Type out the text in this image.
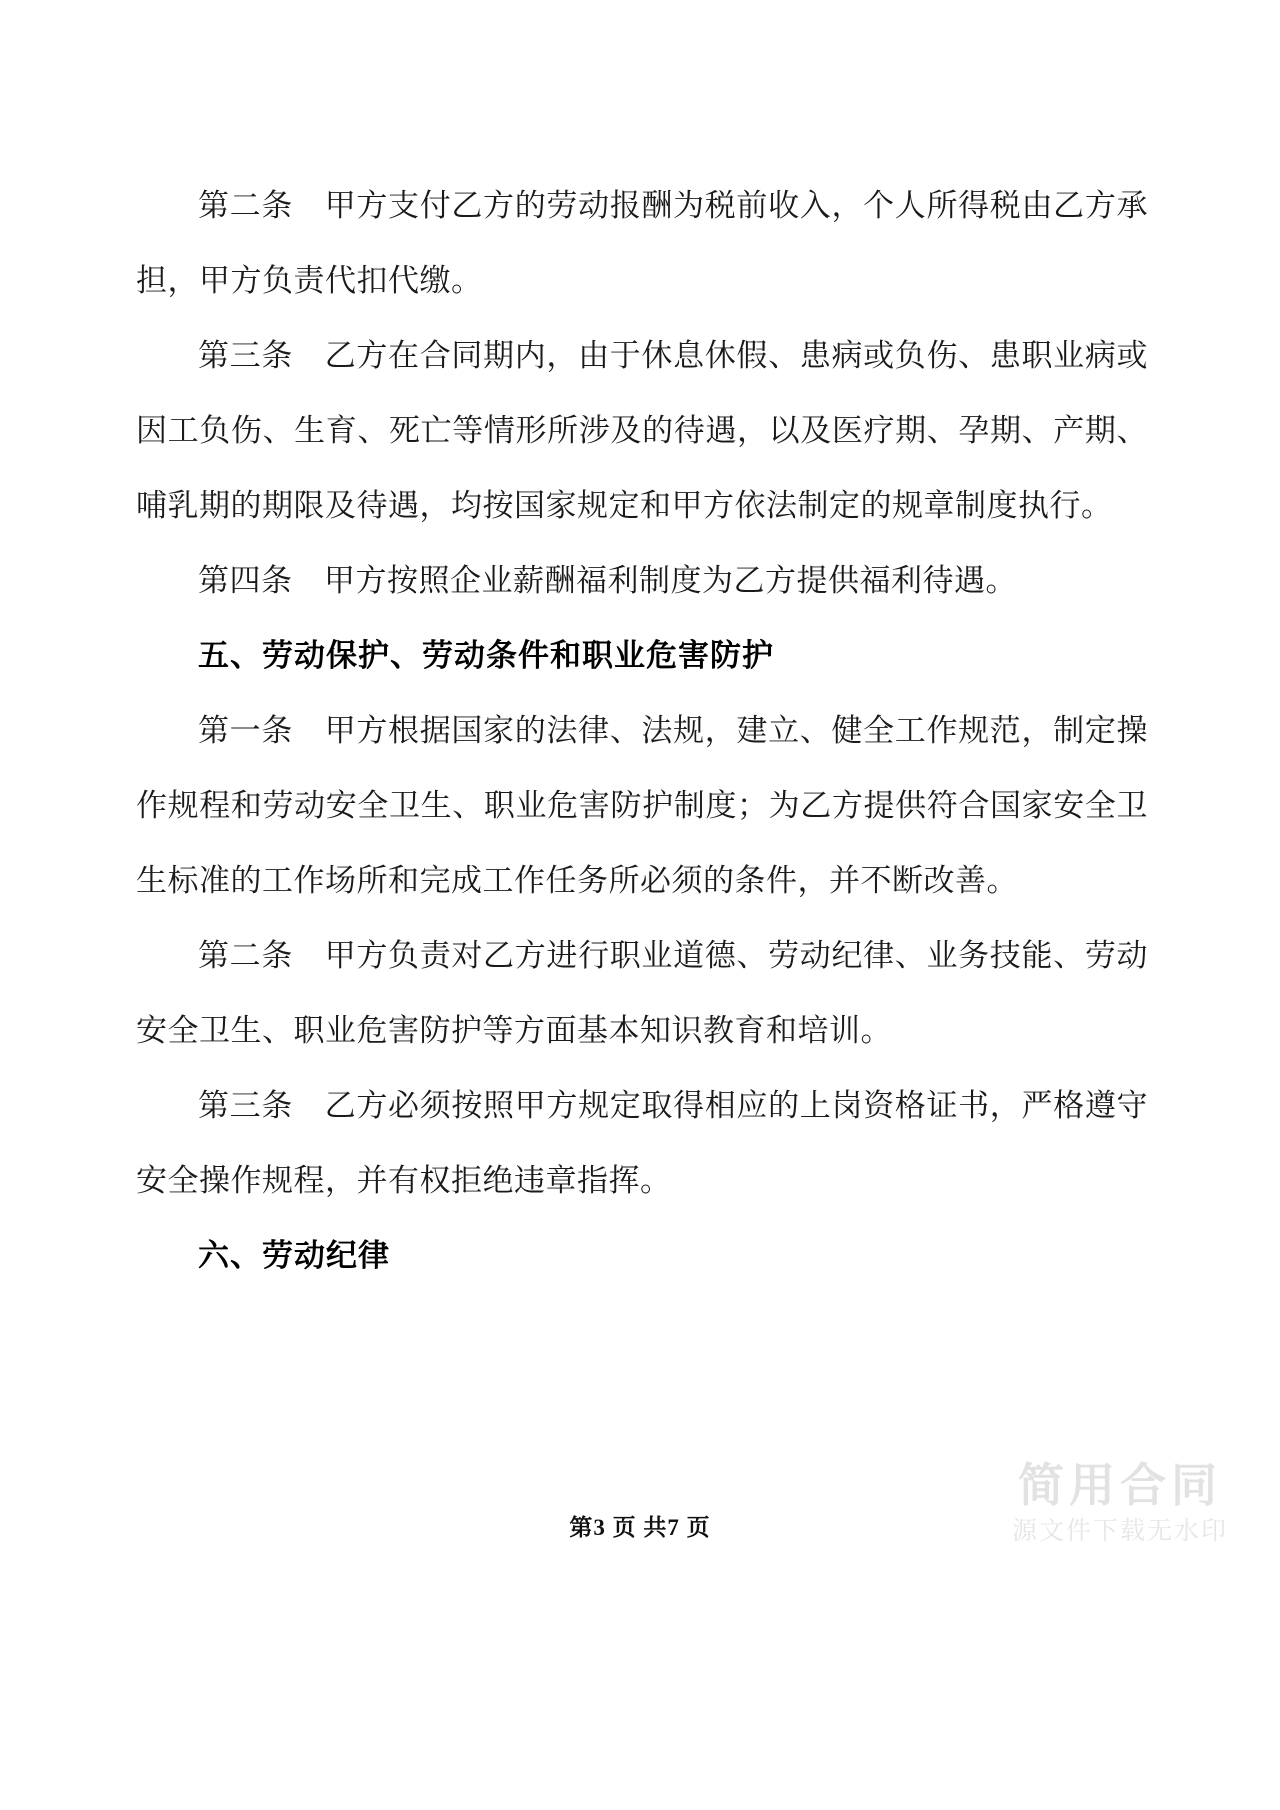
第二条　甲方支付乙方的劳动报酬为税前收入，个人所得税由乙方承担，甲方负责代扣代缴。

第三条　乙方在合同期内，由于休息休假、患病或负伤、患职业病或因工负伤、生育、死亡等情形所涉及的待遇，以及医疗期、孕期、产期、哺乳期的期限及待遇，均按国家规定和甲方依法制定的规章制度执行。

第四条　甲方按照企业薪酬福利制度为乙方提供福利待遇。

五、劳动保护、劳动条件和职业危害防护

第一条　甲方根据国家的法律、法规，建立、健全工作规范，制定操作规程和劳动安全卫生、职业危害防护制度；为乙方提供符合国家安全卫生标准的工作场所和完成工作任务所必须的条件，并不断改善。

第二条　甲方负责对乙方进行职业道德、劳动纪律、业务技能、劳动安全卫生、职业危害防护等方面基本知识教育和培训。

第三条　乙方必须按照甲方规定取得相应的上岗资格证书，严格遵守安全操作规程，并有权拒绝违章指挥。

六、劳动纪律

简用合同
源文件下载无水印
第3 页 共7 页
